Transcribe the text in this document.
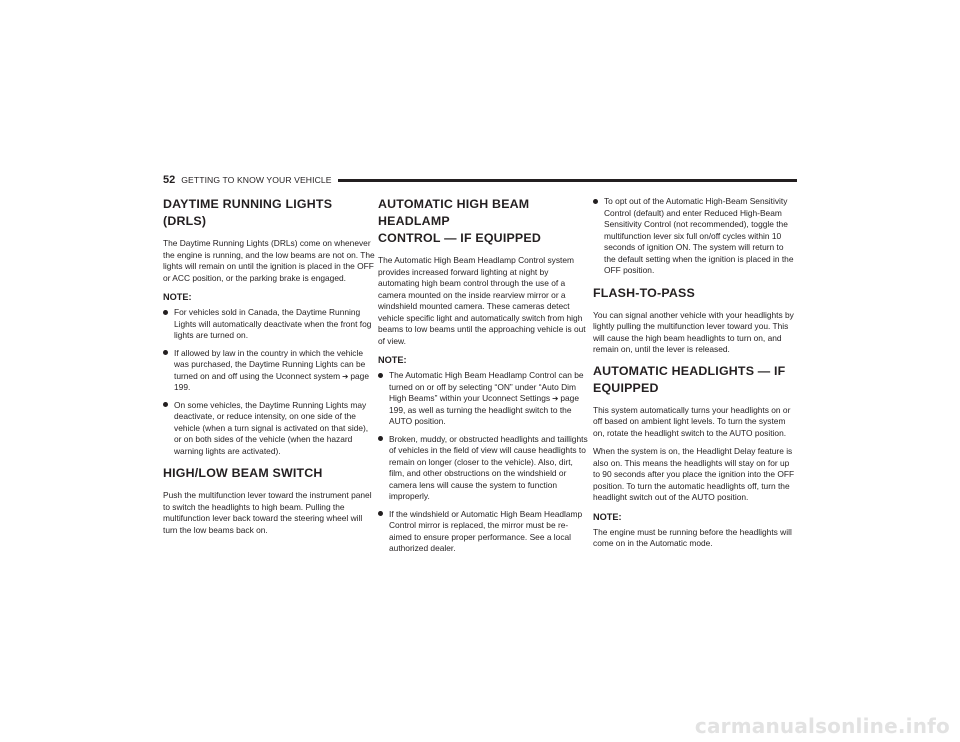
52 GETTING TO KNOW YOUR VEHICLE
DAYTIME RUNNING LIGHTS (DRLS)

The Daytime Running Lights (DRLs) come on whenever the engine is running, and the low beams are not on. The lights will remain on until the ignition is placed in the OFF or ACC position, or the parking brake is engaged.

NOTE:
For vehicles sold in Canada, the Daytime Running Lights will automatically deactivate when the front fog lights are turned on.
If allowed by law in the country in which the vehicle was purchased, the Daytime Running Lights can be turned on and off using the Uconnect system ➔ page 199.
On some vehicles, the Daytime Running Lights may deactivate, or reduce intensity, on one side of the vehicle (when a turn signal is activated on that side), or on both sides of the vehicle (when the hazard warning lights are activated).
HIGH/LOW BEAM SWITCH

Push the multifunction lever toward the instrument panel to switch the headlights to high beam. Pulling the multifunction lever back toward the steering wheel will turn the low beams back on.

AUTOMATIC HIGH BEAM HEADLAMP
CONTROL — IF EQUIPPED

The Automatic High Beam Headlamp Control system provides increased forward lighting at night by automating high beam control through the use of a camera mounted on the inside rearview mirror or a windshield mounted camera. These cameras detect vehicle specific light and automatically switch from high beams to low beams until the approaching vehicle is out of view.

NOTE:
The Automatic High Beam Headlamp Control can be turned on or off by selecting “ON” under “Auto Dim High Beams” within your Uconnect Settings ➔ page 199, as well as turning the headlight switch to the AUTO position.
Broken, muddy, or obstructed headlights and taillights of vehicles in the field of view will cause headlights to remain on longer (closer to the vehicle). Also, dirt, film, and other obstructions on the windshield or camera lens will cause the system to function improperly.
If the windshield or Automatic High Beam Headlamp Control mirror is replaced, the mirror must be re-aimed to ensure proper performance. See a local authorized dealer.
To opt out of the Automatic High-Beam Sensitivity Control (default) and enter Reduced High-Beam Sensitivity Control (not recommended), toggle the multifunction lever six full on/off cycles within 10 seconds of ignition ON. The system will return to the default setting when the ignition is placed in the OFF position.
FLASH-TO-PASS

You can signal another vehicle with your headlights by lightly pulling the multifunction lever toward you. This will cause the high beam headlights to turn on, and remain on, until the lever is released.

AUTOMATIC HEADLIGHTS — IF EQUIPPED

This system automatically turns your headlights on or off based on ambient light levels. To turn the system on, rotate the headlight switch to the AUTO position.

When the system is on, the Headlight Delay feature is also on. This means the headlights will stay on for up to 90 seconds after you place the ignition into the OFF position. To turn the automatic headlights off, turn the headlight switch out of the AUTO position.

NOTE:

The engine must be running before the headlights will come on in the Automatic mode.

carmanualsonline.info
